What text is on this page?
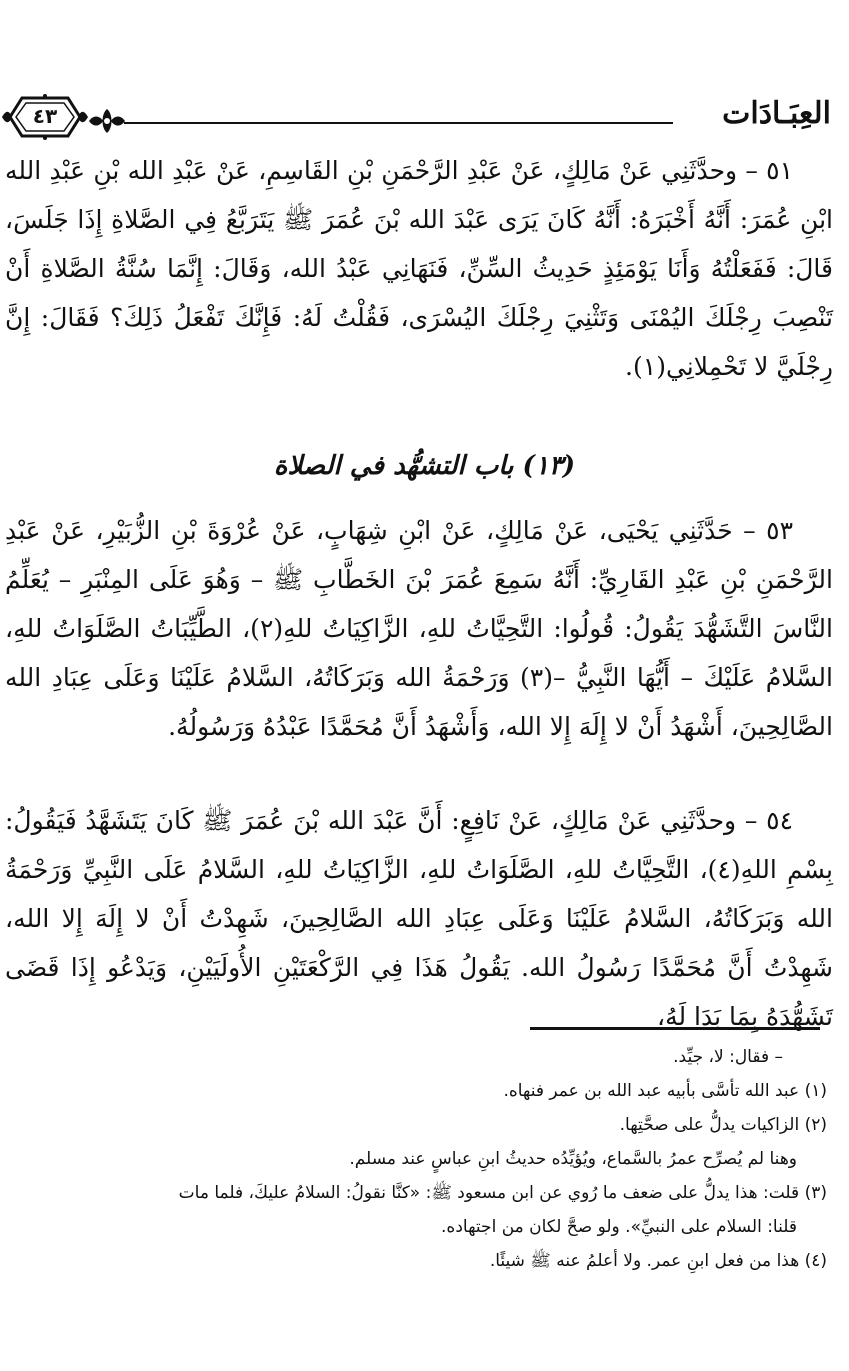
العِبَـادَات
٤٣

٥١ – وحدَّثَنِي عَنْ مَالِكٍ، عَنْ عَبْدِ الرَّحْمَنِ بْنِ القَاسِمِ، عَنْ عَبْدِ الله بْنِ عَبْدِ الله ابْنِ عُمَرَ: أَنَّهُ أَخْبَرَهُ: أَنَّهُ كَانَ يَرَى عَبْدَ الله بْنَ عُمَرَ ﷺ يَتَرَبَّعُ فِي الصَّلاةِ إِذَا جَلَسَ، قَالَ: فَفَعَلْتُهُ وَأَنَا يَوْمَئِذٍ حَدِيثُ السِّنِّ، فَنَهَانِي عَبْدُ الله، وَقَالَ: إِنَّمَا سُنَّةُ الصَّلاةِ أَنْ تَنْصِبَ رِجْلَكَ اليُمْنَى وَتَثْنِيَ رِجْلَكَ اليُسْرَى، فَقُلْتُ لَهُ: فَإِنَّكَ تَفْعَلُ ذَلِكَ؟ فَقَالَ: إِنَّ رِجْلَيَّ لا تَحْمِلانِي(١).

(١٣) باب التشهُّد في الصلاة

٥٣ – حَدَّثَنِي يَحْيَى، عَنْ مَالِكٍ، عَنْ ابْنِ شِهَابٍ، عَنْ عُرْوَةَ بْنِ الزُّبَيْرِ، عَنْ عَبْدِ الرَّحْمَنِ بْنِ عَبْدِ القَارِيِّ: أَنَّهُ سَمِعَ عُمَرَ بْنَ الخَطَّابِ ﷺ – وَهُوَ عَلَى المِنْبَرِ – يُعَلِّمُ النَّاسَ التَّشَهُّدَ يَقُولُ: قُولُوا: التَّحِيَّاتُ للهِ، الزَّاكِيَاتُ للهِ(٢)، الطَّيِّبَاتُ الصَّلَوَاتُ للهِ، السَّلامُ عَلَيْكَ – أَيُّهَا النَّبِيُّ –(٣) وَرَحْمَةُ الله وَبَرَكَاتُهُ، السَّلامُ عَلَيْنَا وَعَلَى عِبَادِ الله الصَّالِحِينَ، أَشْهَدُ أَنْ لا إِلَهَ إِلا الله، وَأَشْهَدُ أَنَّ مُحَمَّدًا عَبْدُهُ وَرَسُولُهُ.

٥٤ – وحدَّثَنِي عَنْ مَالِكٍ، عَنْ نَافِعٍ: أَنَّ عَبْدَ الله بْنَ عُمَرَ ﷺ كَانَ يَتَشَهَّدُ فَيَقُولُ: بِسْمِ اللهِ(٤)، التَّحِيَّاتُ للهِ، الصَّلَوَاتُ للهِ، الزَّاكِيَاتُ للهِ، السَّلامُ عَلَى النَّبِيِّ وَرَحْمَةُ الله وَبَرَكَاتُهُ، السَّلامُ عَلَيْنَا وَعَلَى عِبَادِ الله الصَّالِحِينَ، شَهِدْتُ أَنْ لا إِلَهَ إِلا الله، شَهِدْتُ أَنَّ مُحَمَّدًا رَسُولُ الله. يَقُولُ هَذَا فِي الرَّكْعَتَيْنِ الأُولَيَيْنِ، وَيَدْعُو إِذَا قَضَى تَشَهُّدَهُ بِمَا بَدَا لَهُ،

– فقال: لا، جيِّد.

(١) عبد الله تأسَّى بأبيه عبد الله بن عمر فنهاه.

(٢) الزاكيات يدلُّ على صحَّتِها.

وهنا لم يُصرِّح عمرُ بالسَّماع، ويُؤيِّدُه حديثُ ابنِ عباسٍ عند مسلم.

(٣) قلت: هذا يدلُّ على ضعف ما رُوي عن ابن مسعود ﷺ: «كنَّا نقولُ: السلامُ عليكَ، فلما مات

قلنا: السلام على النبيِّ». ولو صحَّ لكان من اجتهاده.

(٤) هذا من فعل ابنِ عمر. ولا أعلمُ عنه ﷺ شيئًا.
